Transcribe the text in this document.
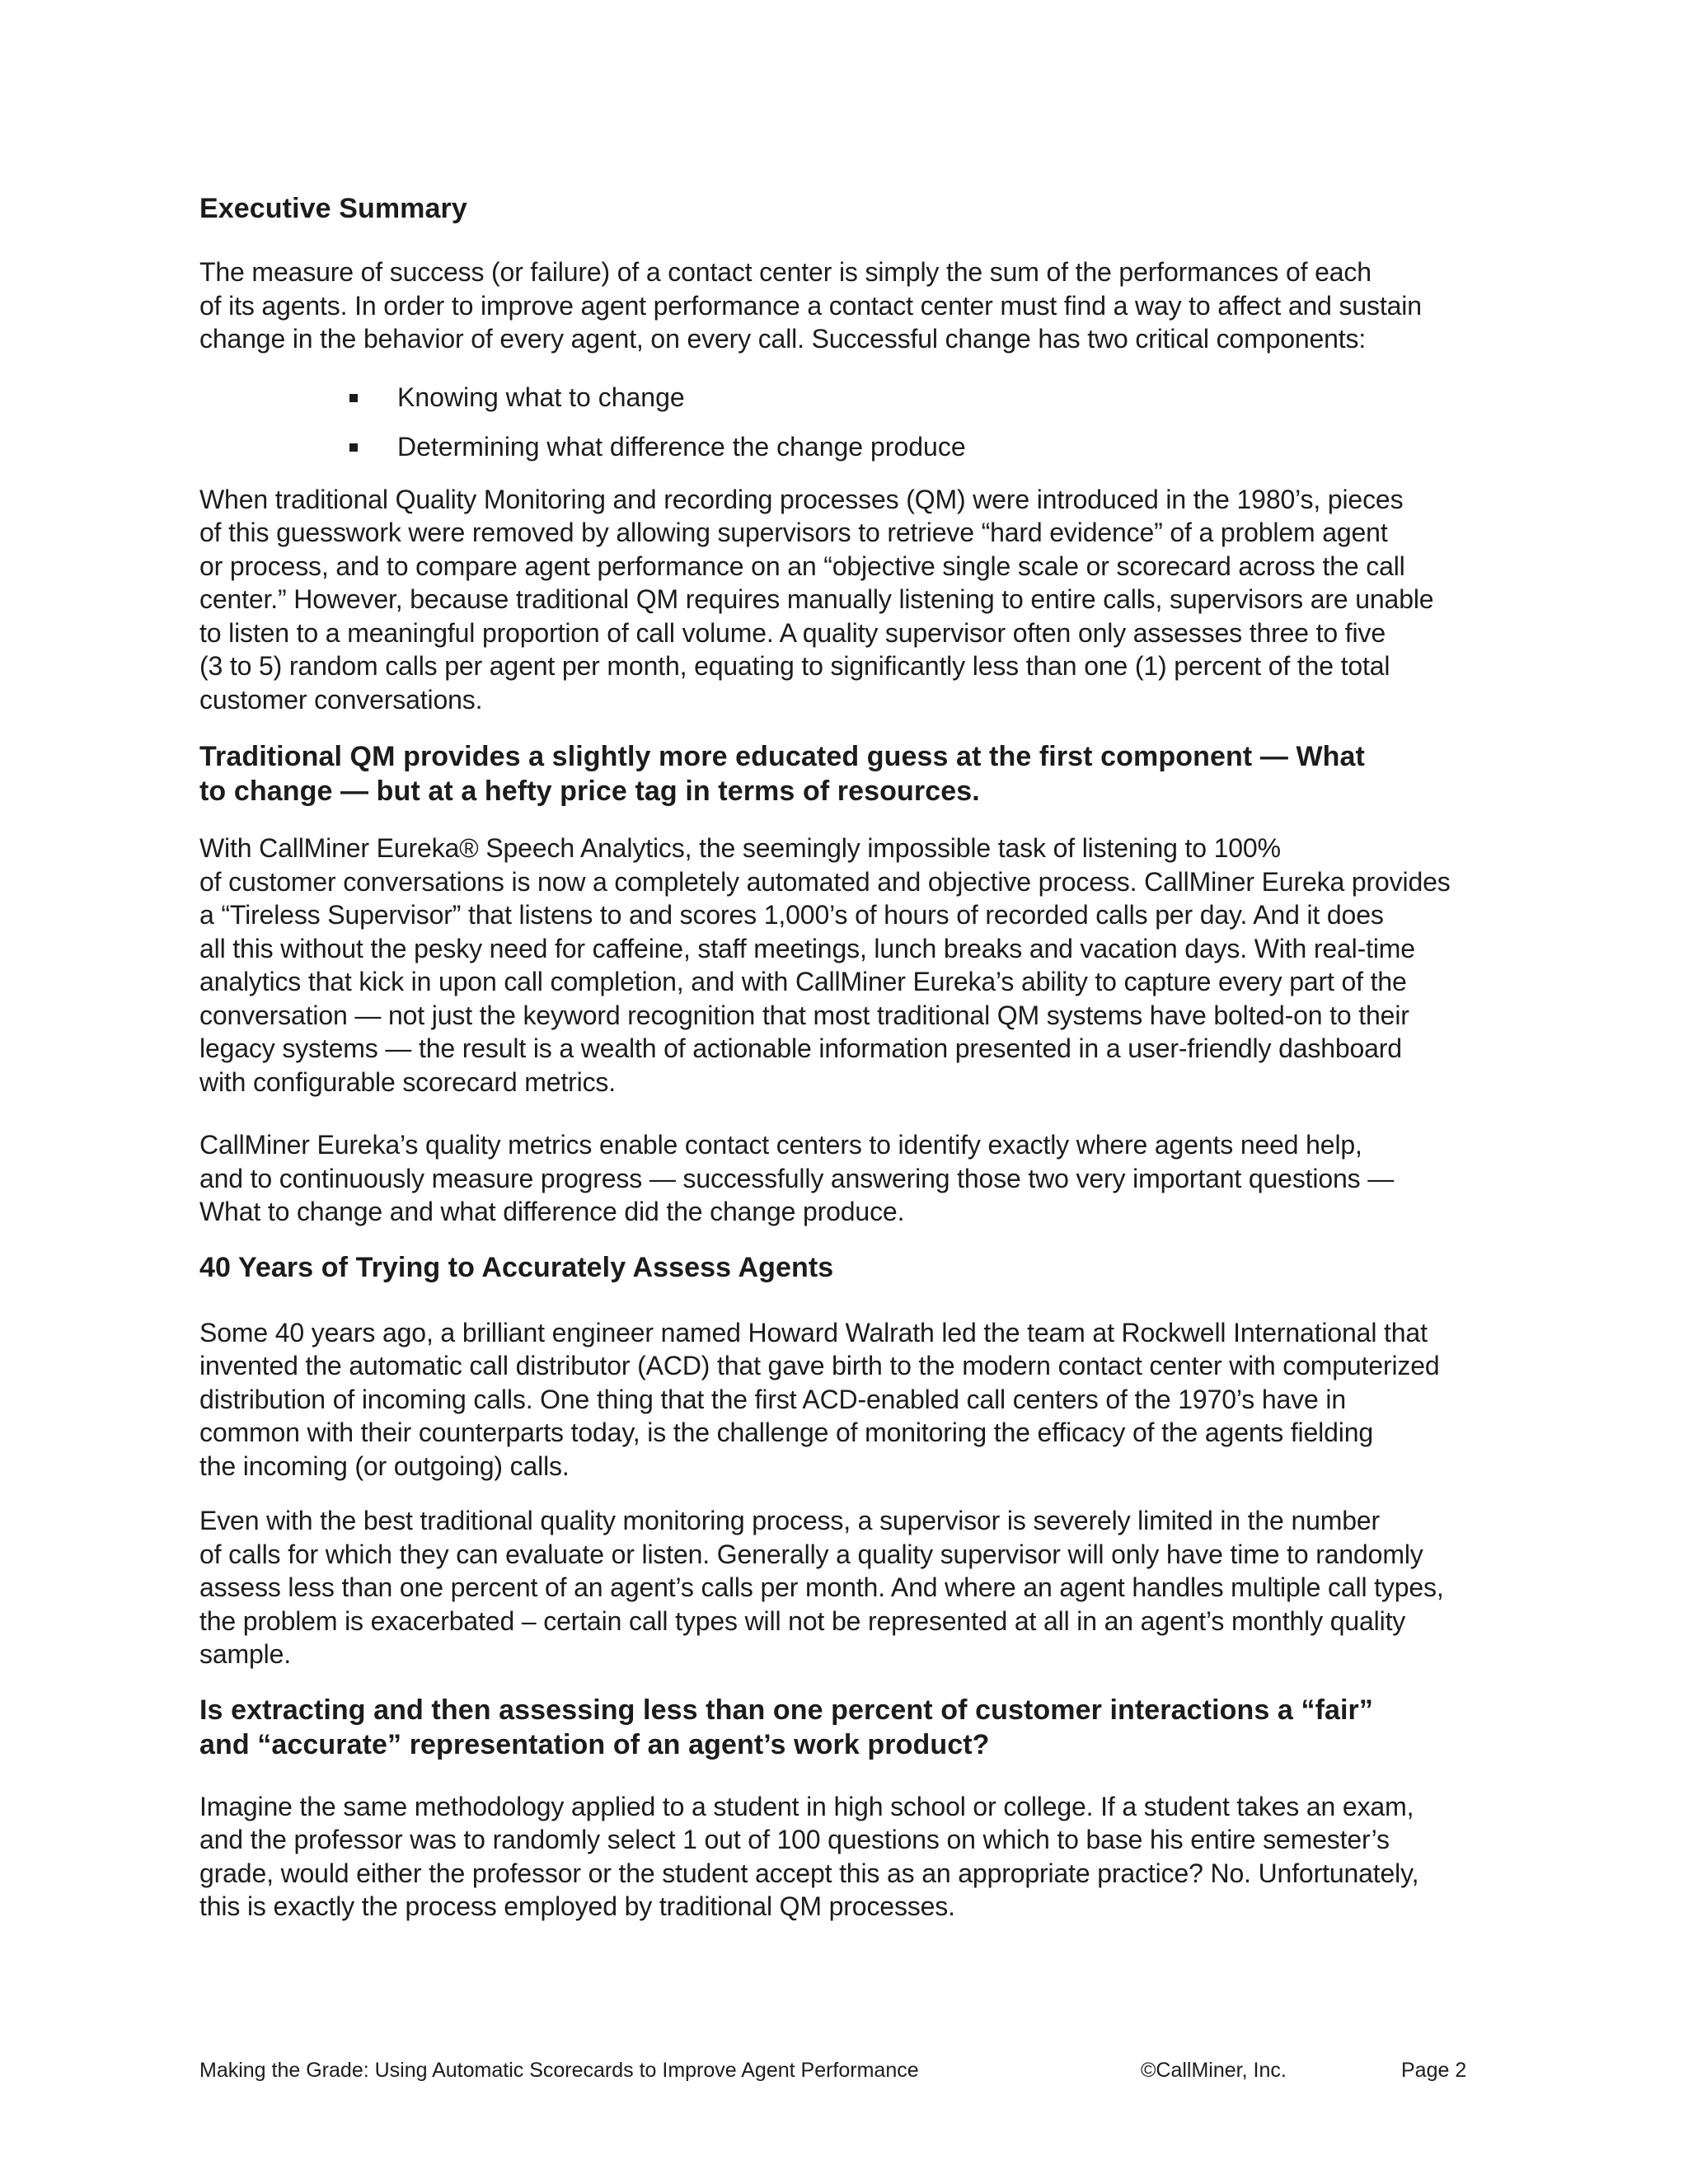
Executive Summary

The measure of success (or failure) of a contact center is simply the sum of the performances of each
of its agents. In order to improve agent performance a contact center must find a way to affect and sustain
change in the behavior of every agent, on every call. Successful change has two critical components:

Knowing what to change
Determining what difference the change produce

When traditional Quality Monitoring and recording processes (QM) were introduced in the 1980’s, pieces
of this guesswork were removed by allowing supervisors to retrieve “hard evidence” of a problem agent
or process, and to compare agent performance on an “objective single scale or scorecard across the call
center.” However, because traditional QM requires manually listening to entire calls, supervisors are unable
to listen to a meaningful proportion of call volume. A quality supervisor often only assesses three to five
(3 to 5) random calls per agent per month, equating to significantly less than one (1) percent of the total
customer conversations.

Traditional QM provides a slightly more educated guess at the first component — What
to change — but at a hefty price tag in terms of resources.

With CallMiner Eureka® Speech Analytics, the seemingly impossible task of listening to 100%
of customer conversations is now a completely automated and objective process. CallMiner Eureka provides
a “Tireless Supervisor” that listens to and scores 1,000’s of hours of recorded calls per day. And it does
all this without the pesky need for caffeine, staff meetings, lunch breaks and vacation days. With real-time
analytics that kick in upon call completion, and with CallMiner Eureka’s ability to capture every part of the
conversation — not just the keyword recognition that most traditional QM systems have bolted-on to their
legacy systems — the result is a wealth of actionable information presented in a user-friendly dashboard
with configurable scorecard metrics.

CallMiner Eureka’s quality metrics enable contact centers to identify exactly where agents need help,
and to continuously measure progress — successfully answering those two very important questions —
What to change and what difference did the change produce.

40 Years of Trying to Accurately Assess Agents

Some 40 years ago, a brilliant engineer named Howard Walrath led the team at Rockwell International that
invented the automatic call distributor (ACD) that gave birth to the modern contact center with computerized
distribution of incoming calls. One thing that the first ACD-enabled call centers of the 1970’s have in
common with their counterparts today, is the challenge of monitoring the efficacy of the agents fielding
the incoming (or outgoing) calls.

Even with the best traditional quality monitoring process, a supervisor is severely limited in the number
of calls for which they can evaluate or listen. Generally a quality supervisor will only have time to randomly
assess less than one percent of an agent’s calls per month. And where an agent handles multiple call types,
the problem is exacerbated – certain call types will not be represented at all in an agent’s monthly quality
sample.

Is extracting and then assessing less than one percent of customer interactions a “fair”
and “accurate” representation of an agent’s work product?

Imagine the same methodology applied to a student in high school or college. If a student takes an exam,
and the professor was to randomly select 1 out of 100 questions on which to base his entire semester’s
grade, would either the professor or the student accept this as an appropriate practice? No. Unfortunately,
this is exactly the process employed by traditional QM processes.

Making the Grade: Using Automatic Scorecards to Improve Agent Performance	©CallMiner, Inc.	Page 2
